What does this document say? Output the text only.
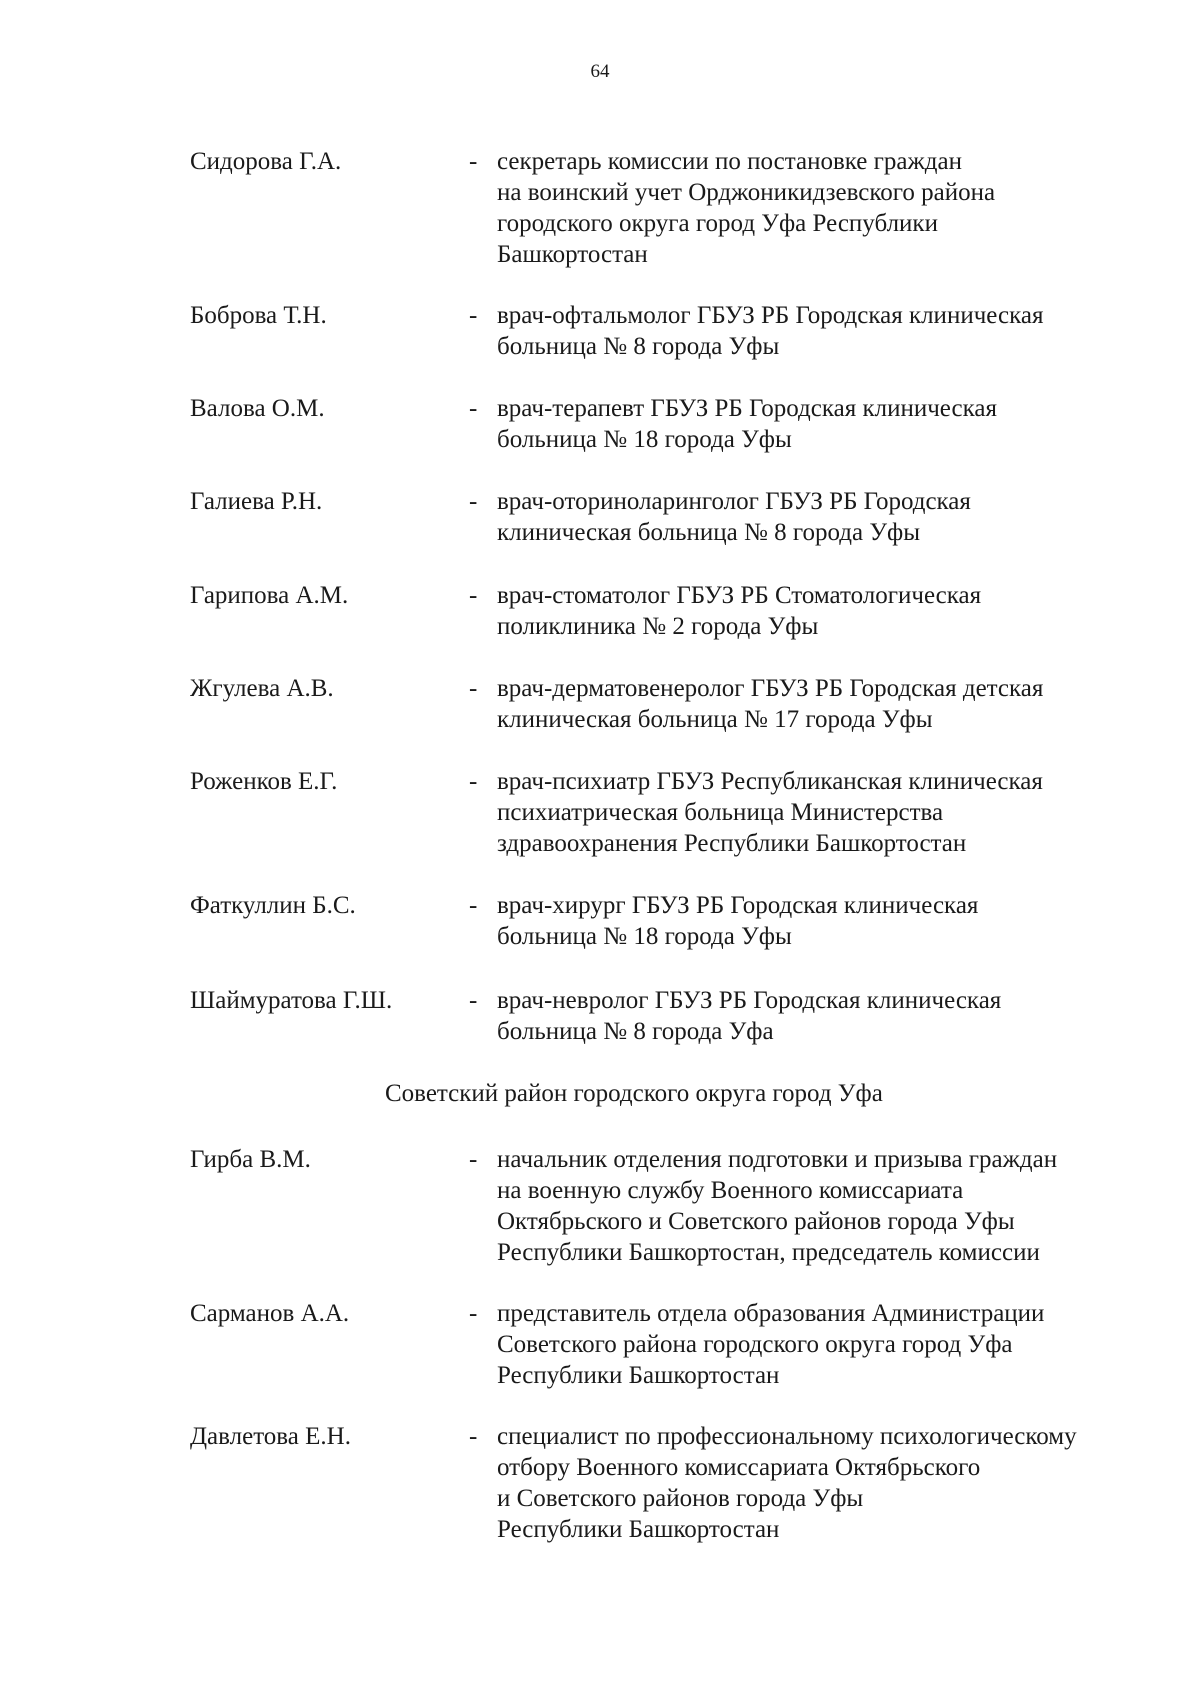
64
Сидорова Г.А.	- секретарь комиссии по постановке граждан
на воинский учет Орджоникидзевского района
городского округа город Уфа Республики
Башкортостан
Боброва Т.Н.	- врач-офтальмолог ГБУЗ РБ Городская клиническая
больница № 8 города Уфы
Валова О.М.	- врач-терапевт ГБУЗ РБ Городская клиническая
больница № 18 города Уфы
Галиева Р.Н.	- врач-оториноларинголог ГБУЗ РБ Городская
клиническая больница № 8 города Уфы
Гарипова А.М.	- врач-стоматолог ГБУЗ РБ Стоматологическая
поликлиника № 2 города Уфы
Жгулева А.В.	- врач-дерматовенеролог ГБУЗ РБ Городская детская
клиническая больница № 17 города Уфы
Роженков Е.Г.	- врач-психиатр ГБУЗ Республиканская клиническая
психиатрическая больница Министерства
здравоохранения Республики Башкортостан
Фаткуллин Б.С.	- врач-хирург ГБУЗ РБ Городская клиническая
больница № 18 города Уфы
Шаймуратова Г.Ш.	- врач-невролог ГБУЗ РБ Городская клиническая
больница № 8 города Уфа
Советский район городского округа город Уфа
Гирба В.М.	- начальник отделения подготовки и призыва граждан
на военную службу Военного комиссариата
Октябрьского и Советского районов города Уфы
Республики Башкортостан, председатель комиссии
Сарманов А.А.	- представитель отдела образования Администрации
Советского района городского округа город Уфа
Республики Башкортостан
Давлетова Е.Н.	- специалист по профессиональному психологическому
отбору Военного комиссариата Октябрьского
и Советского районов города Уфы
Республики Башкортостан
